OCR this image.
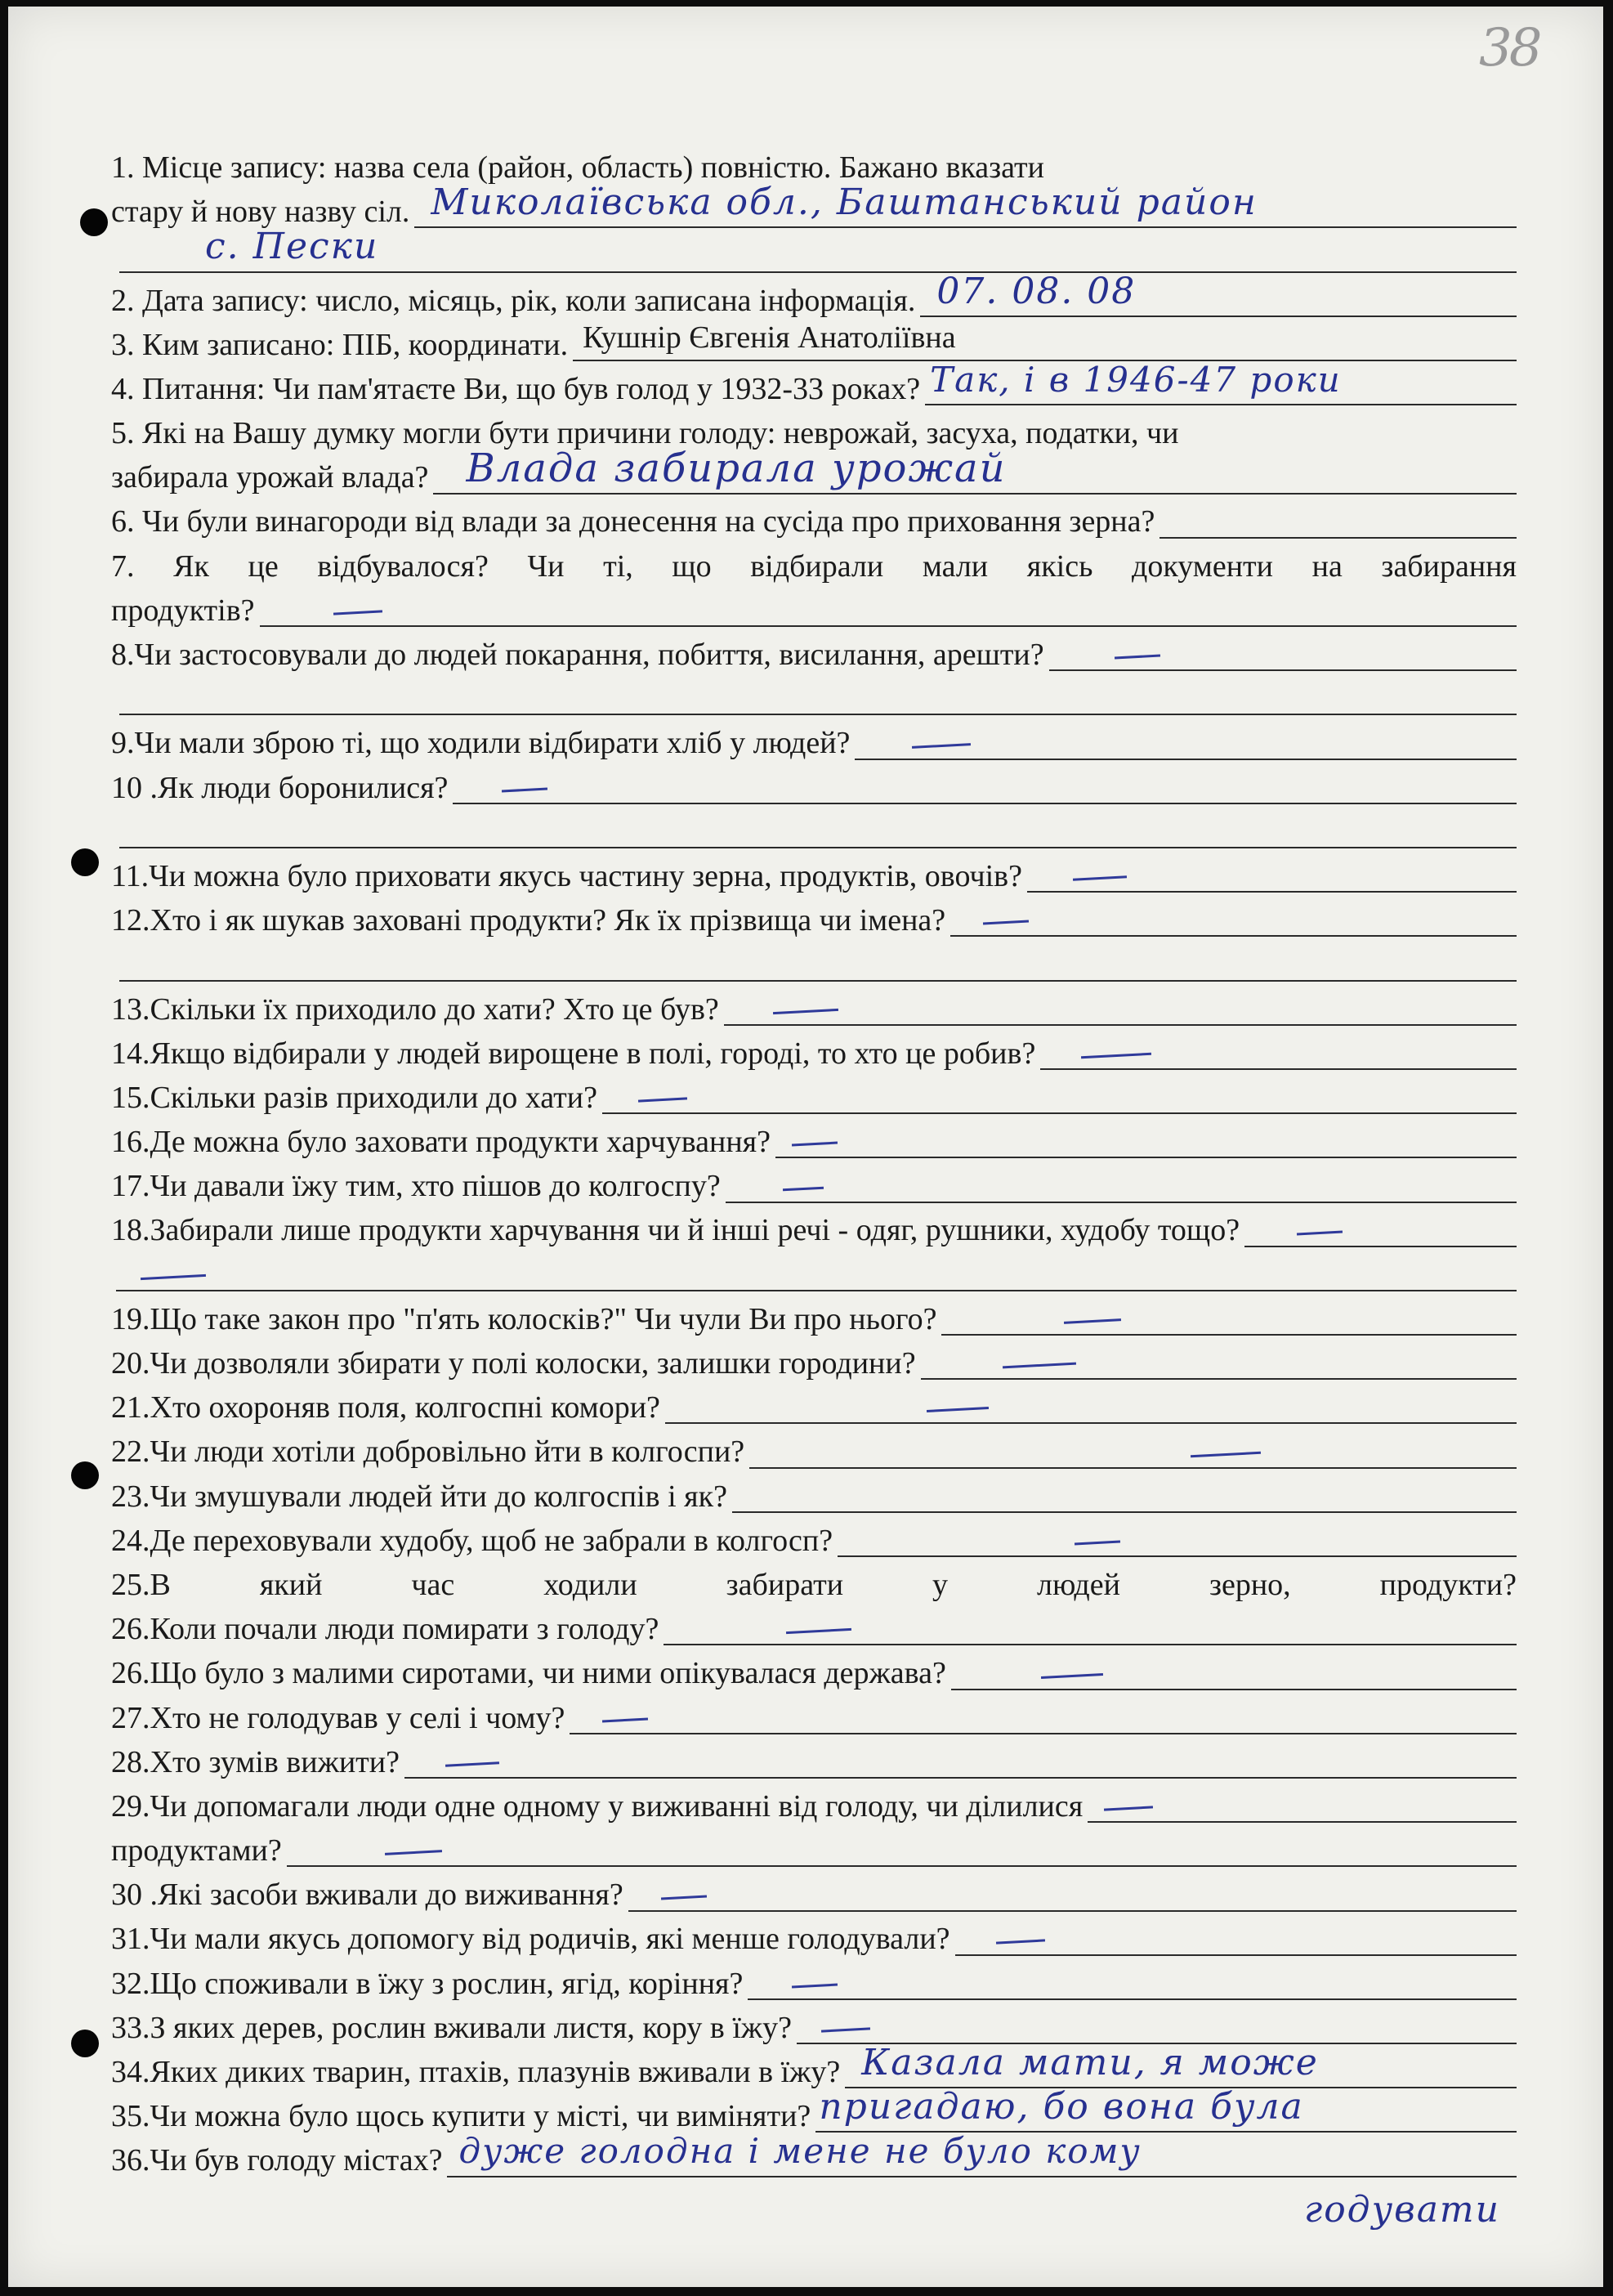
38
1. Місце запису: назва села (район, область) повністю. Бажано вказати
стару й нову назву сіл. Миколаївська обл., Баштанський район
с. Пески
2. Дата запису: число, місяць, рік, коли записана інформація. 07. 08. 08
3. Ким записано: ПІБ, координати. Кушнір Євгенія Анатоліївна
4. Питання: Чи пам'ятаєте Ви, що був голод у 1932-33 роках? Так, і в 1946-47 роки
5. Які на Вашу думку могли бути причини голоду: неврожай, засуха, податки, чи
забирала урожай влада? Влада забирала урожай
6. Чи були винагороди від влади за донесення на сусіда про приховання зерна?
7. Як це відбувалося? Чи ті, що відбирали мали якісь документи на забирання
продуктів?
8.Чи застосовували до людей покарання, побиття, висилання, арешти?
9.Чи мали зброю ті, що ходили відбирати хліб у людей?
10 .Як люди боронилися?
11.Чи можна було приховати якусь частину зерна, продуктів, овочів?
12.Хто і як шукав заховані продукти? Як їх прізвища чи імена?
13.Скільки їх приходило до хати? Хто це був?
14.Якщо відбирали у людей вирощене в полі, городі, то хто це робив?
15.Скільки разів приходили до хати?
16.Де можна було заховати продукти харчування?
17.Чи давали їжу тим, хто пішов до колгоспу?
18.Забирали лише продукти харчування чи й інші речі - одяг, рушники, худобу тощо?
19.Що таке закон про "п'ять колосків?" Чи чули Ви про нього?
20.Чи дозволяли збирати у полі колоски, залишки городини?
21.Хто охороняв поля, колгоспні комори?
22.Чи люди хотіли добровільно йти в колгоспи?
23.Чи змушували людей йти до колгоспів і як?
24.Де переховували худобу, щоб не забрали в колгосп?
25.В який час ходили забирати у людей зерно, продукти?
26.Коли почали люди помирати з голоду?
26.Що було з малими сиротами, чи ними опікувалася держава?
27.Хто не голодував у селі і чому?
28.Хто зумів вижити?
29.Чи допомагали люди одне одному у виживанні від голоду, чи ділилися
продуктами?
30 .Які засоби вживали до виживання?
31.Чи мали якусь допомогу від родичів, які менше голодували?
32.Що споживали в їжу з рослин, ягід, коріння?
33.З яких дерев, рослин вживали листя, кору в їжу?
34.Яких диких тварин, птахів, плазунів вживали в їжу? Казала мати, я може
35.Чи можна було щось купити у місті, чи виміняти? пригадаю, бо вона була
36.Чи був голоду містах? дуже голодна і мене не було кому
годувати
